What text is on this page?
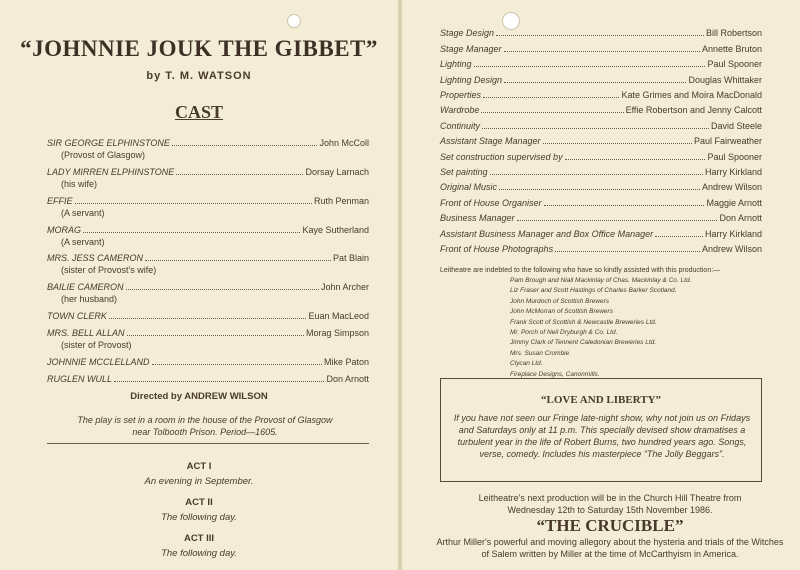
“JOHNNIE JOUK THE GIBBET”
by T. M. WATSON
CAST
SIR GEORGE ELPHINSTONE	John McColl
(Provost of Glasgow)
LADY MIRREN ELPHINSTONE	Dorsay Larnach
(his wife)
EFFIE	Ruth Penman
(A servant)
MORAG	Kaye Sutherland
(A servant)
MRS. JESS CAMERON	Pat Blain
(sister of Provost's wife)
BAILIE CAMERON	John Archer
(her husband)
TOWN CLERK	Euan MacLeod
MRS. BELL ALLAN	Morag Simpson
(sister of Provost)
JOHNNIE MCCLELLAND	Mike Paton
RUGLEN WULL	Don Arnott
Directed by ANDREW WILSON
The play is set in a room in the house of the Provost of Glasgow
near Tolbooth Prison. Period—1605.
ACT I
An evening in September.
ACT II
The following day.
ACT III
The following day.
Stage Design	Bill Robertson
Stage Manager	Annette Bruton
Lighting	Paul Spooner
Lighting Design	Douglas Whittaker
Properties	Kate Grimes and Moira MacDonald
Wardrobe	Effie Robertson and Jenny Calcott
Continuity	David Steele
Assistant Stage Manager	Paul Fairweather
Set construction supervised by	Paul Spooner
Set painting	Harry Kirkland
Original Music	Andrew Wilson
Front of House Organiser	Maggie Arnott
Business Manager	Don Arnott
Assistant Business Manager and Box Office Manager	Harry Kirkland
Front of House Photographs	Andrew Wilson
Leitheatre are indebted to the following who have so kindly assisted with this production:—
Pam Brough and Niall Mackinlay of Chas. Mackinlay & Co. Ltd.
Liz Fraser and Scott Hastings of Charles Barker Scotland.
John Murdoch of Scottish Brewers
John McMorran of Scottish Brewers
Frank Scott of Scottish & Newcastle Breweries Ltd.
Mr. Porch of Neil Dryburgh & Co. Ltd.
Jimmy Clark of Tennent Caledonian Breweries Ltd.
Mrs. Susan Crombie
Clycan Ltd.
Fireplace Designs, Canonmills.
“LOVE AND LIBERTY”
If you have not seen our Fringe late-night show, why not join us on Fridays and Saturdays only at 11 p.m. This specially devised show dramatises a turbulent year in the life of Robert Burns, two hundred years ago. Songs, verse, comedy. Includes his masterpiece “The Jolly Beggars”.
Leitheatre's next production will be in the Church Hill Theatre from
Wednesday 12th to Saturday 15th November 1986.
“THE CRUCIBLE”
Arthur Miller's powerful and moving allegory about the hysteria and trials of the Witches of Salem written by Miller at the time of McCarthyism in America.
